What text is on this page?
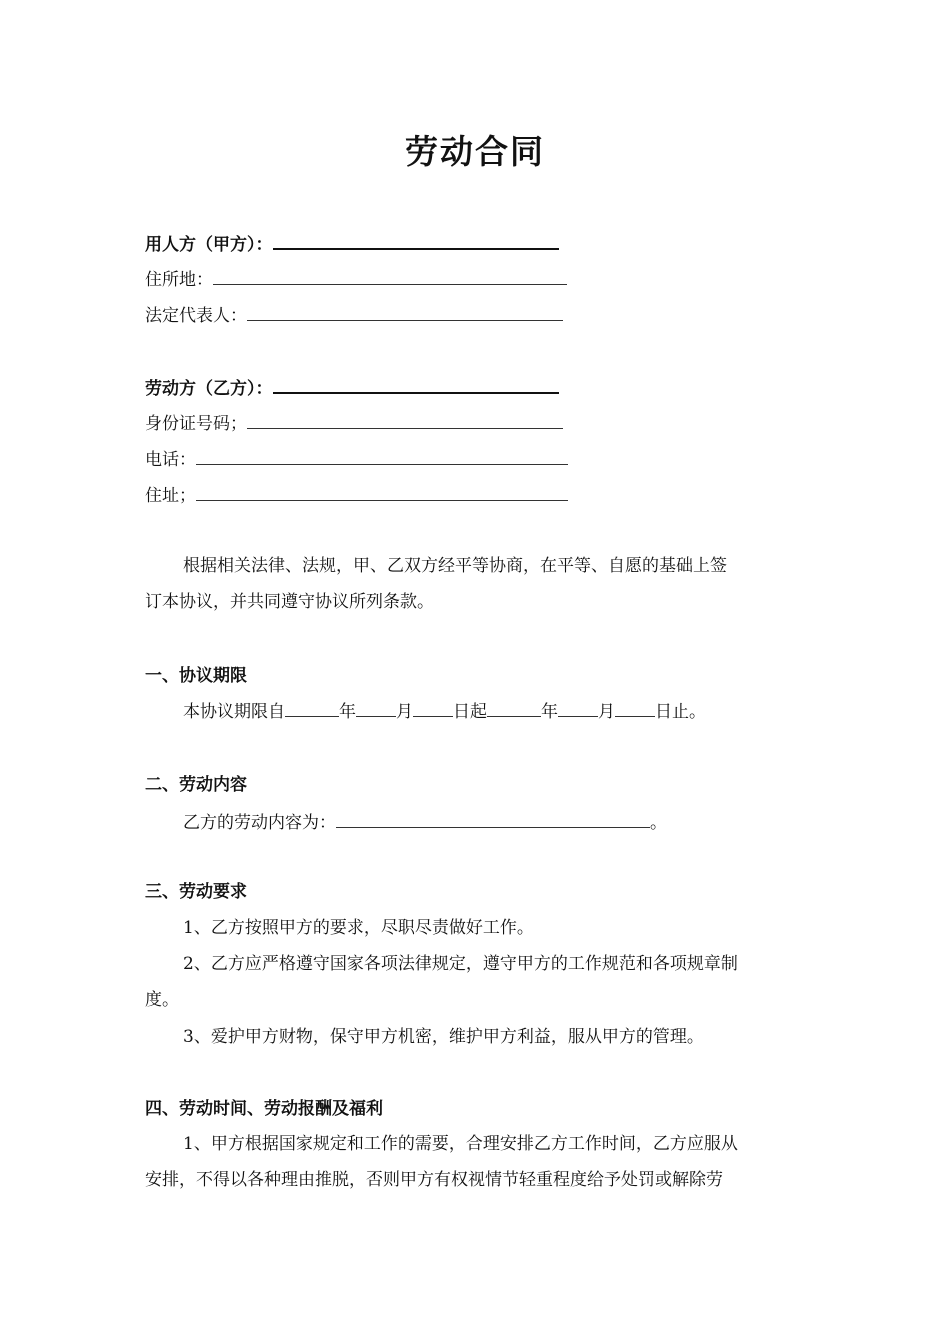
劳动合同
用人方（甲方）：
住所地：
法定代表人：
劳动方（乙方）：
身份证号码；
电话：
住址；
根据相关法律、法规，甲、乙双方经平等协商，在平等、自愿的基础上签
订本协议，并共同遵守协议所列条款。
一、协议期限
本协议期限自	年 月 日起	年 月 日止。
二、劳动内容
乙方的劳动内容为：	。
三、劳动要求
1、乙方按照甲方的要求，尽职尽责做好工作。
2、乙方应严格遵守国家各项法律规定，遵守甲方的工作规范和各项规章制
度。
3、爱护甲方财物，保守甲方机密，维护甲方利益，服从甲方的管理。
四、劳动时间、劳动报酬及福利
1、甲方根据国家规定和工作的需要，合理安排乙方工作时间，乙方应服从
安排，不得以各种理由推脱，否则甲方有权视情节轻重程度给予处罚或解除劳
